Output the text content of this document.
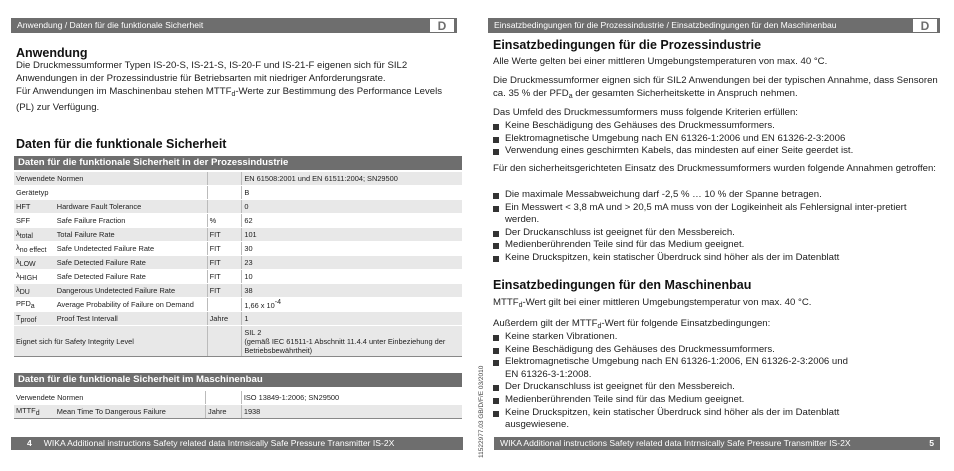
Anwendung / Daten für die funktionale Sicherheit	D
Anwendung

Die Druckmessumformer Typen IS-20-S, IS-21-S, IS-20-F und IS-21-F eigenen sich für SIL2 Anwendungen in der Prozessindustrie für Betriebsarten mit niedriger Anforderungsrate.

Für Anwendungen im Maschinenbau stehen $MTTF_d$-Werte zur Bestimmung des Performance Levels (PL) zur Verfügung.

Daten für die funktionale Sicherheit
Daten für die funktionale Sicherheit in der Prozessindustrie
Verwendete Normen			EN 61508:2001 und EN 61511:2004; SN29500
Gerätetyp			B
HFT	Hardware Fault Tolerance		0
SFF	Safe Failure Fraction	%	62
λtotal	Total Failure Rate	FIT	101
λno effect	Safe Undetected Failure Rate	FIT	30
λLOW	Safe Detected Failure Rate	FIT	23
λHIGH	Safe Detected Failure Rate	FIT	10
λDU	Dangerous Undetected Failure Rate	FIT	38
PFDa	Average Probability of Failure on Demand		1,66 x 10-4
Tproof	Proof Test Intervall	Jahre	1
Eignet sich für Safety Integrity Level			SIL 2
(gemäß IEC 61511-1 Abschnitt 11.4.4 unter Einbeziehung der Betriebsbewährtheit)
Daten für die funktionale Sicherheit im Maschinenbau
Verwendete Normen			ISO 13849-1:2006; SN29500
MTTFd	Mean Time To Dangerous Failure	Jahre	1938
4 WIKA Additional instructions Safety related data Intrnsically Safe Pressure Transmitter IS-2X	11522977.03 GB/D/F/E 03/2010
Einsatzbedingungen für die Prozessindustrie / Einsatzbedingungen für den Maschinenbau	D
Einsatzbedingungen für die Prozessindustrie

Alle Werte gelten bei einer mittleren Umgebungstemperaturen von max. 40 °C.

Die Druckmessumformer eignen sich für SIL2 Anwendungen bei der typischen Annahme, dass Sensoren ca. 35 % der $PFD_a$ der gesamten Sicherheitskette in Anspruch nehmen.

Das Umfeld des Druckmessumformers muss folgende Kriterien erfüllen:

Keine Beschädigung des Gehäuses des Druckmessumformers.
Elektromagnetische Umgebung nach EN 61326-1:2006 und EN 61326-2-3:2006
Verwendung eines geschirmten Kabels, das mindesten auf einer Seite geerdet ist.

Für den sicherheitsgerichteten Einsatz des Druckmessumformers wurden folgende Annahmen getroffen:

Die maximale Messabweichung darf -2,5 % … 10 % der Spanne betragen.
Ein Messwert < 3,8 mA und > 20,5 mA muss von der Logikeinheit als Fehlersignal inter-pretiert werden.
Der Druckanschluss ist geeignet für den Messbereich.
Medienberührenden Teile sind für das Medium geeignet.
Keine Druckspitzen, kein statischer Überdruck sind höher als der im Datenblatt
Einsatzbedingungen für den Maschinenbau

$MTTF_d$-Wert gilt bei einer mittleren Umgebungstemperatur von max. 40 °C.

Außerdem gilt der $MTTF_d$-Wert für folgende Einsatzbedingungen:

Keine starken Vibrationen.
Keine Beschädigung des Gehäuses des Druckmessumformers.
Elektromagnetische Umgebung nach EN 61326-1:2006, EN 61326-2-3:2006 und EN 61326-3-1:2008.
Der Druckanschluss ist geeignet für den Messbereich.
Medienberührenden Teile sind für das Medium geeignet.
Keine Druckspitzen, kein statischer Überdruck sind höher als der im Datenblatt ausgewiesene.
WIKA Additional instructions Safety related data Intrnsically Safe Pressure Transmitter IS-2X	5
